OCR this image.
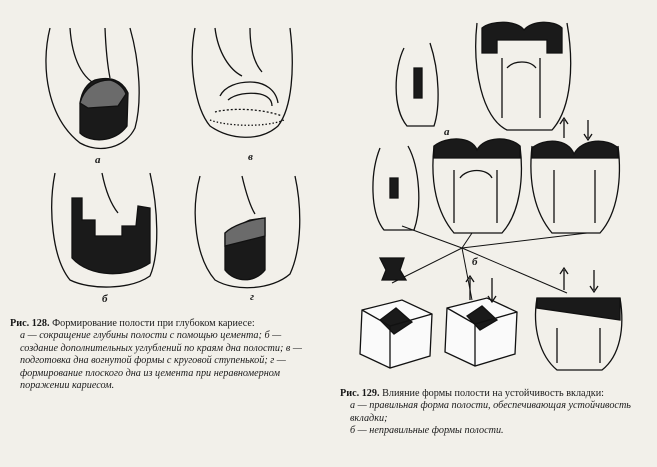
а	в
б	г
Рис. 128. Формирование полости при глубоком кариесе:
а — сокращение глубины полости с помощью цемента; б — создание дополнительных углублений по краям дна полости; в — подготовка дна вогнутой формы с круговой ступенькой; г — формирование плоского дна из цемента при неравномерном поражении кариесом.
а
б
Рис. 129. Влияние формы полости на устойчивость вкладки:
а — правильная форма полости, обеспечивающая устойчивость вкладки;
б — неправильные формы полости.
